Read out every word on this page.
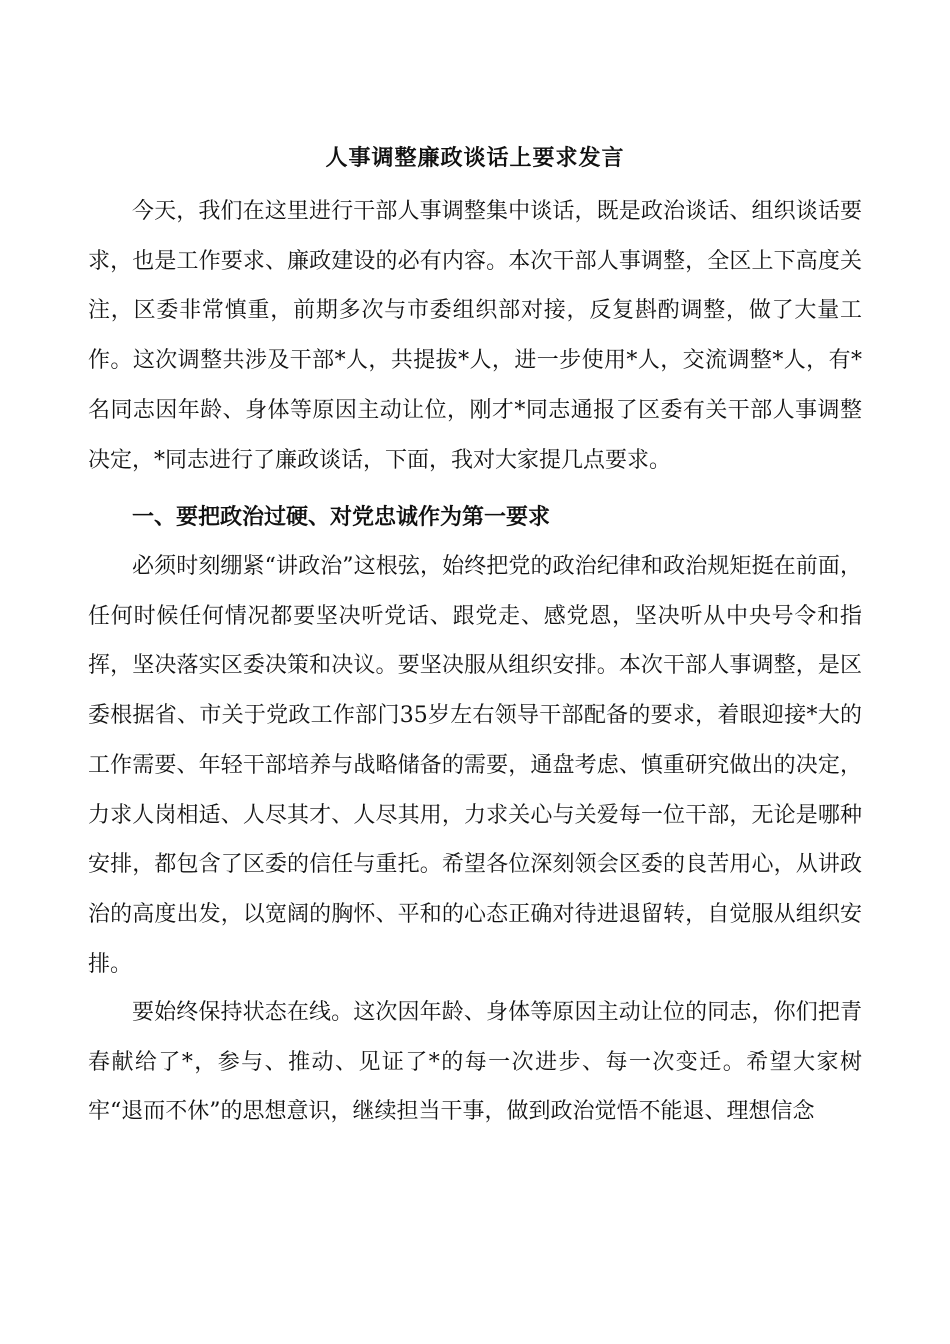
人事调整廉政谈话上要求发言

今天，我们在这里进行干部人事调整集中谈话，既是政治谈话、组织谈话要求，也是工作要求、廉政建设的必有内容。本次干部人事调整，全区上下高度关注，区委非常慎重，前期多次与市委组织部对接，反复斟酌调整，做了大量工作。这次调整共涉及干部*人，共提拔*人，进一步使用*人，交流调整*人，有*名同志因年龄、身体等原因主动让位，刚才*同志通报了区委有关干部人事调整决定，*同志进行了廉政谈话，下面，我对大家提几点要求。

一、要把政治过硬、对党忠诚作为第一要求

必须时刻绷紧“讲政治”这根弦，始终把党的政治纪律和政治规矩挺在前面，任何时候任何情况都要坚决听党话、跟党走、感党恩，坚决听从中央号令和指挥，坚决落实区委决策和决议。要坚决服从组织安排。本次干部人事调整，是区委根据省、市关于党政工作部门35岁左右领导干部配备的要求，着眼迎接*大的工作需要、年轻干部培养与战略储备的需要，通盘考虑、慎重研究做出的决定，力求人岗相适、人尽其才、人尽其用，力求关心与关爱每一位干部，无论是哪种安排，都包含了区委的信任与重托。希望各位深刻领会区委的良苦用心，从讲政治的高度出发，以宽阔的胸怀、平和的心态正确对待进退留转，自觉服从组织安排。

要始终保持状态在线。这次因年龄、身体等原因主动让位的同志，你们把青春献给了*，参与、推动、见证了*的每一次进步、每一次变迁。希望大家树牢“退而不休”的思想意识，继续担当干事，做到政治觉悟不能退、理想信念
